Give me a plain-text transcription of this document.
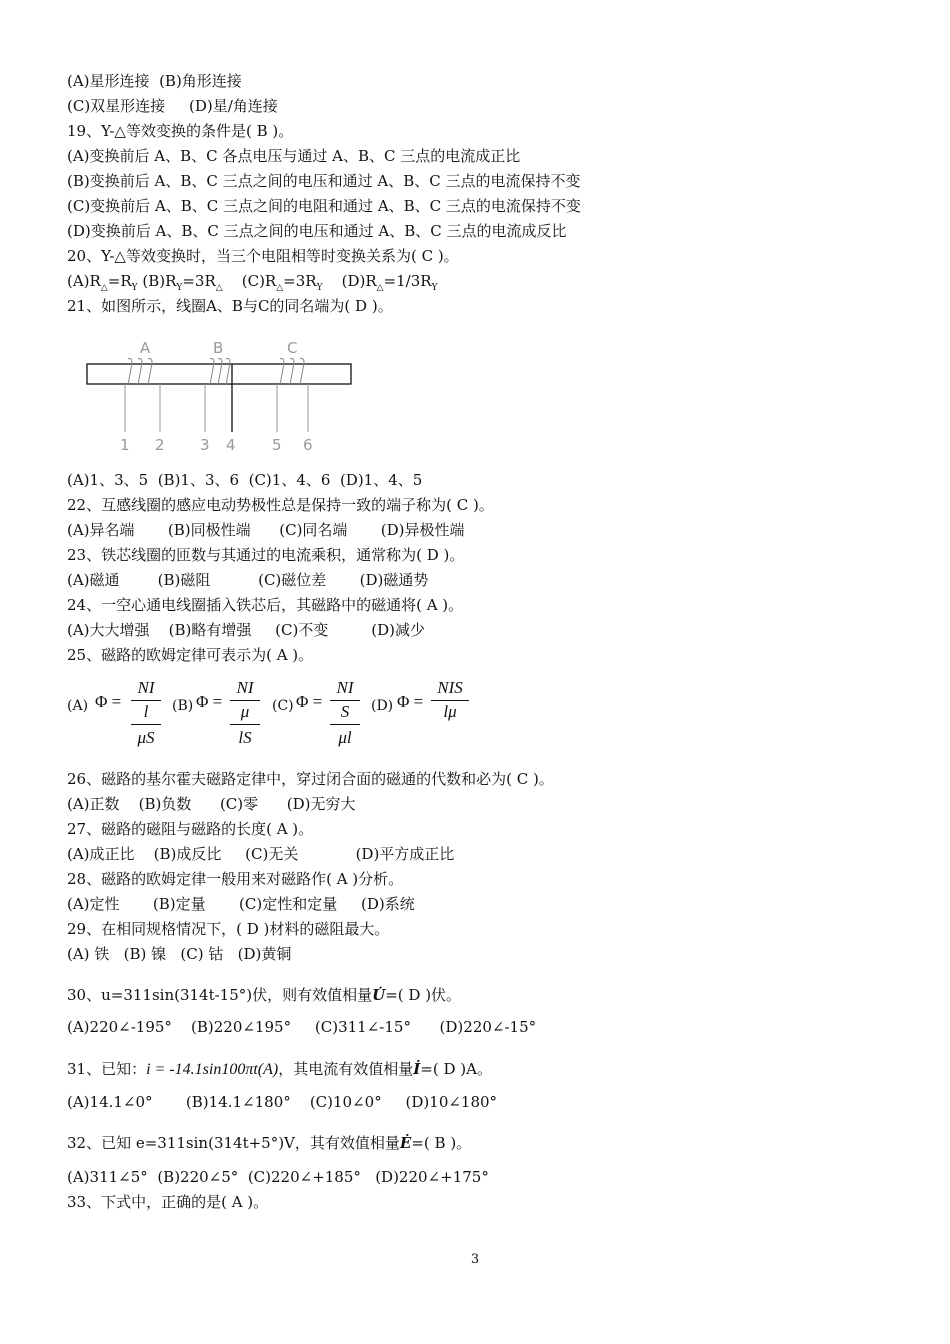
(A)星形连接  (B)角形连接
(C)双星形连接     (D)星/角连接
19、Y-△等效变换的条件是( B )。
(A)变换前后 A、B、C 各点电压与通过 A、B、C 三点的电流成正比
(B)变换前后 A、B、C 三点之间的电压和通过 A、B、C 三点的电流保持不变
(C)变换前后 A、B、C 三点之间的电阻和通过 A、B、C 三点的电流保持不变
(D)变换前后 A、B、C 三点之间的电压和通过 A、B、C 三点的电流成反比
20、Y-△等效变换时，当三个电阻相等时变换关系为( C )。
$(A)R_\triangle=R_Y$ $(B)R_Y=3R_\triangle$    $(C)R_\triangle=3R_Y$    $(D)R_\triangle=1/3R_Y$
21、如图所示，线圈A、B与C的同名端为( D )。
A	B	C
1 2 3 4 5 6
(A)1、3、5  (B)1、3、6  (C)1、4、6  (D)1、4、5
22、互感线圈的感应电动势极性总是保持一致的端子称为( C )。
(A)异名端       (B)同极性端      (C)同名端       (D)异极性端
23、铁芯线圈的匝数与其通过的电流乘积，通常称为( D )。
(A)磁通        (B)磁阻          (C)磁位差       (D)磁通势
24、一空心通电线圈插入铁芯后，其磁路中的磁通将( A )。
(A)大大增强    (B)略有增强     (C)不变         (D)减少
25、磁路的欧姆定律可表示为( A )。
(A) Φ =
NI
l
μS
(B) Φ =
NI
μ
lS
(C) Φ =
NI
S
μl
(D) Φ =
NIS
lμ
26、磁路的基尔霍夫磁路定律中，穿过闭合面的磁通的代数和必为( C )。
(A)正数    (B)负数      (C)零      (D)无穷大
27、磁路的磁阻与磁路的长度( A )。
(A)成正比    (B)成反比     (C)无关            (D)平方成正比
28、磁路的欧姆定律一般用来对磁路作( A )分析。
(A)定性       (B)定量       (C)定性和定量     (D)系统
29、在相同规格情况下，( D )材料的磁阻最大。
(A) 铁   (B) 镍   (C) 钴   (D)黄铜
30、u=311sin(314t-15°)伏，则有效值相量U̇=( D )伏。
(A)220∠-195°    (B)220∠195°     (C)311∠-15°      (D)220∠-15°
31、已知：i = -14.1sin100πt(A)，其电流有效值相量İ=( D )A。
(A)14.1∠0°       (B)14.1∠180°    (C)10∠0°     (D)10∠180°
32、已知 e=311sin(314t+5°)V，其有效值相量Ė=( B )。
(A)311∠5°  (B)220∠5°  (C)220∠+185°   (D)220∠+175°
33、下式中，正确的是( A )。
3
